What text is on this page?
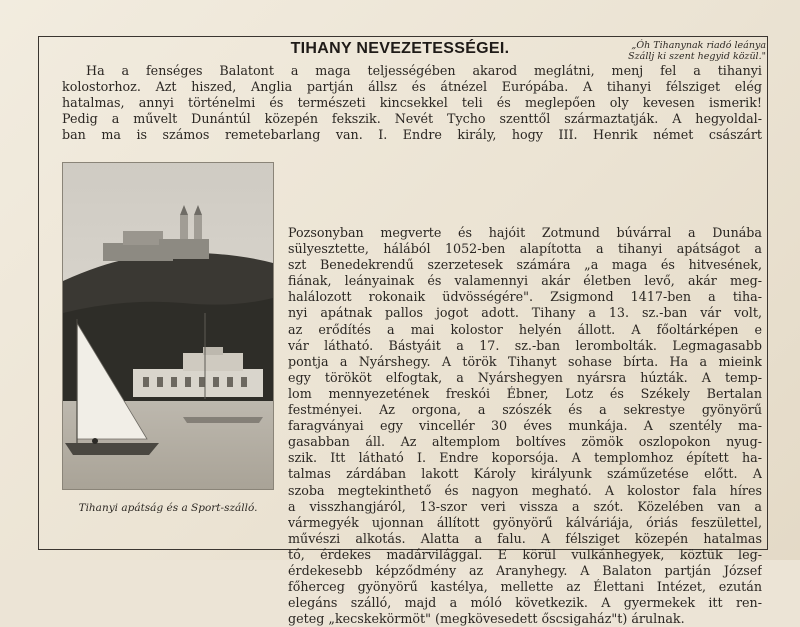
TIHANY NEVEZETESSÉGEI.	„Óh Tihanynak riadó leánya
Szállj ki szent hegyid közül."
Ha a fenséges Balatont a maga teljességében akarod meglátni, menj fel a tihanyi
kolostorhoz. Azt hiszed, Anglia partján állsz és átnézel Európába. A tihanyi félsziget elég
hatalmas, annyi történelmi és természeti kincsekkel teli és meglepően oly kevesen ismerik!
Pedig a művelt Dunántúl közepén fekszik. Nevét Tycho szenttől származtatják. A hegyoldal-
ban ma is számos remetebarlang van. I. Endre király, hogy III. Henrik német császárt
Tihanyi apátság és a Sport-szálló.
Pozsonyban megverte és hajóit Zotmund búvárral a Dunába
sülyesztette, hálából 1052-ben alapította a tihanyi apátságot a
szt Benedekrendű szerzetesek számára „a maga és hitvesének,
fiának, leányainak és valamennyi akár életben levő, akár meg-
halálozott rokonaik üdvösségére". Zsigmond 1417-ben a tiha-
nyi apátnak pallos jogot adott. Tihany a 13. sz.-ban vár volt,
az erődítés a mai kolostor helyén állott. A főoltárképen e
vár látható. Bástyáit a 17. sz.-ban lerombolták. Legmagasabb
pontja a Nyárshegy. A török Tihanyt sohase bírta. Ha a mieink
egy törököt elfogtak, a Nyárshegyen nyársra húzták. A temp-
lom mennyezetének freskói Ébner, Lotz és Székely Bertalan
festményei. Az orgona, a szószék és a sekrestye gyönyörű
faragványai egy vincellér 30 éves munkája. A szentély ma-
gasabban áll. Az altemplom boltíves zömök oszlopokon nyug-
szik. Itt látható I. Endre koporsója. A templomhoz épített ha-
talmas zárdában lakott Károly királyunk száműzetése előtt. A
szoba megtekinthető és nagyon megható. A kolostor fala híres
a visszhangjáról, 13-szor veri vissza a szót. Közelében van a
vármegyék ujonnan állított gyönyörű kálváriája, óriás feszülettel,
művészi alkotás. Alatta a falu. A félsziget közepén hatalmas
tó, érdekes madárvilággal. E körül vulkánhegyek, köztük leg-
érdekesebb képződmény az Aranyhegy. A Balaton partján József
főherceg gyönyörű kastélya, mellette az Élettani Intézet, ezután
elegáns szálló, majd a móló következik. A gyermekek itt ren-
geteg „kecskekörmöt" (megkövesedett őscsigaház"t) árulnak.
